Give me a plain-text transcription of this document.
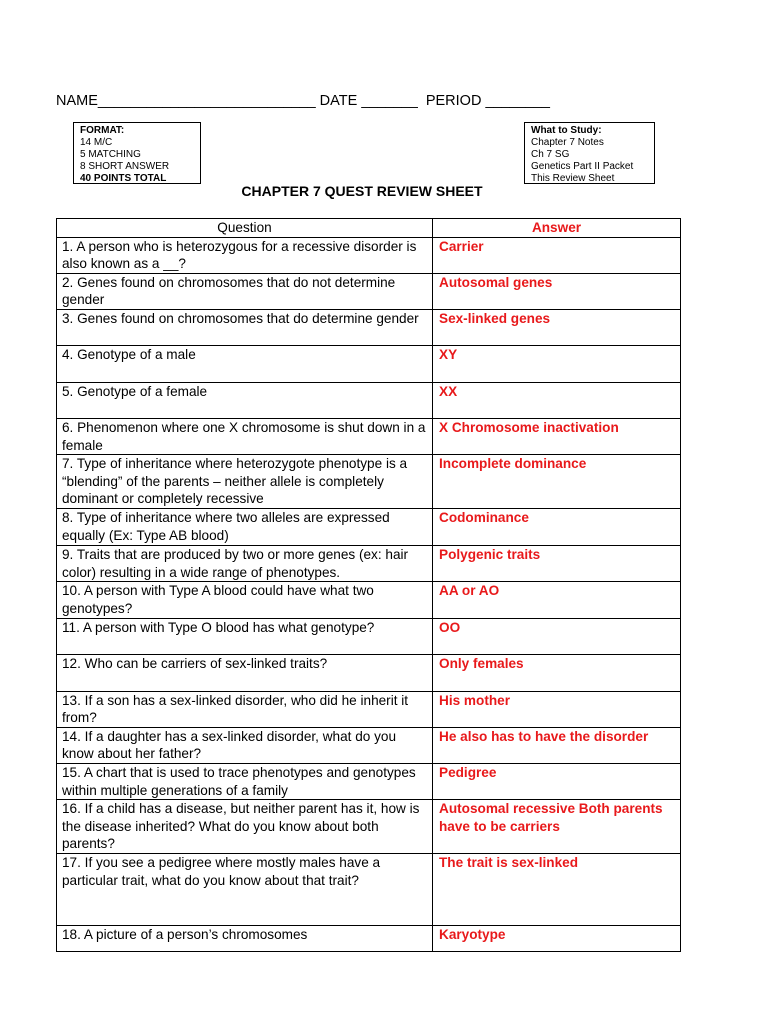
NAME___________________________ DATE _______ PERIOD ________
FORMAT:
14 M/C
5 MATCHING
8 SHORT ANSWER
40 POINTS TOTAL
What to Study:
Chapter 7 Notes
Ch 7 SG
Genetics Part II Packet
This Review Sheet
CHAPTER 7 QUEST REVIEW SHEET
Question	Answer
1. A person who is heterozygous for a recessive disorder is also known as a __?	Carrier
2. Genes found on chromosomes that do not determine gender	Autosomal genes
3. Genes found on chromosomes that do determine gender	Sex-linked genes
4. Genotype of a male	XY
5. Genotype of a female	XX
6. Phenomenon where one X chromosome is shut down in a female	X Chromosome inactivation
7. Type of inheritance where heterozygote phenotype is a “blending” of the parents – neither allele is completely dominant or completely recessive	Incomplete dominance
8. Type of inheritance where two alleles are expressed equally (Ex: Type AB blood)	Codominance
9. Traits that are produced by two or more genes (ex: hair color) resulting in a wide range of phenotypes.	Polygenic traits
10. A person with Type A blood could have what two genotypes?	AA or AO
11. A person with Type O blood has what genotype?	OO
12. Who can be carriers of sex-linked traits?	Only females
13. If a son has a sex-linked disorder, who did he inherit it from?	His mother
14. If a daughter has a sex-linked disorder, what do you know about her father?	He also has to have the disorder
15. A chart that is used to trace phenotypes and genotypes within multiple generations of a family	Pedigree
16. If a child has a disease, but neither parent has it, how is the disease inherited? What do you know about both parents?	Autosomal recessive Both parents have to be carriers
17. If you see a pedigree where mostly males have a particular trait, what do you know about that trait?	The trait is sex-linked
18. A picture of a person’s chromosomes	Karyotype
